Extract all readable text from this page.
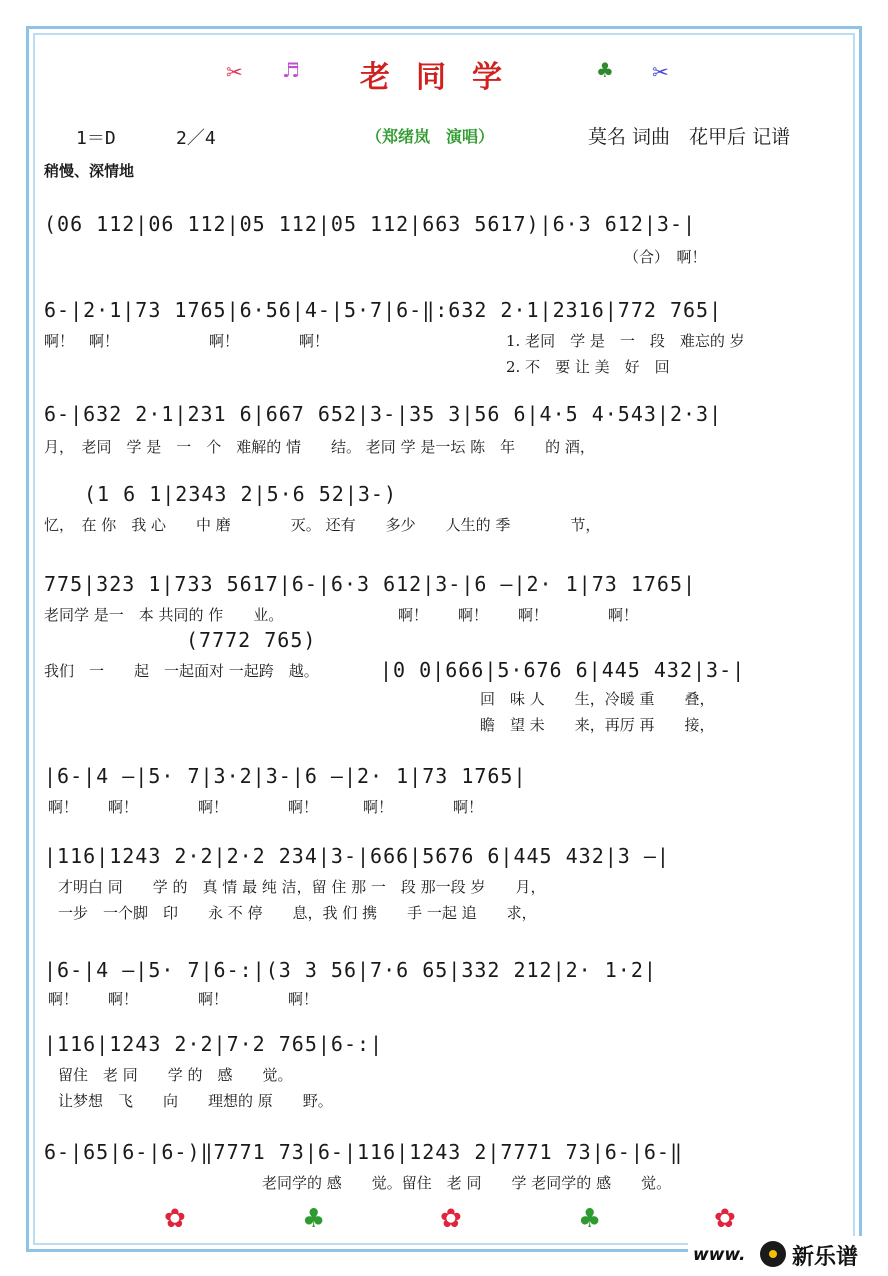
✂ ♬	老同学	♣ ✂
1＝D	2／4	（郑绪岚　演唱）	莫名 词曲　花甲后 记谱
稍慢、深情地
(06 112|06 112|05 112|05 112|663 5617)|6·3 612|3-|
（合）　啊！
6-|2·1|73 1765|6·56|4-|5·7|6-‖:632 2·1|2316|772 765|
啊！　啊！　　　　　　啊！　　　　啊！	1. 老同　学 是　一　段　难忘的 岁
2. 不　要 让 美　好　回
6-|632 2·1|231 6|667 652|3-|35 3|56 6|4·5 4·543|2·3|
月，　老同　学 是　一　个　难解的 情　　结。 老同 学 是一坛 陈　年　　的 酒，
(1 6 1|2343 2|5·6 52|3-)
忆，　在 你　我 心　　中 磨　　　　灭。 还有　　多少　　人生的 季　　　　节，
775|323 1|733 5617|6-|6·3 612|3-|6 —|2· 1|73 1765|
老同学 是一　本 共同的 作　　业。	啊！　　啊！　　啊！　　　　啊！
(7772 765)
|0 0|666|5·676 6|445 432|3-|
我们　一　　起　一起面对 一起跨　越。
回　味 人　　生，冷暖 重　　叠，
瞻　望 未　　来，再厉 再　　接，
|6-|4 —|5· 7|3·2|3-|6 —|2· 1|73 1765|
啊！　　啊！　　　　啊！　　　　啊！　　　啊！　　　　啊！
|116|1243 2·2|2·2 234|3-|666|5676 6|445 432|3 —|
才明白 同　　学 的　真 情 最 纯 洁，留 住 那 一　段 那一段 岁　　月，
一步　一个脚　印　　永 不 停　　息，我 们 携　　手 一起 追　　求，
|6-|4 —|5· 7|6-:|(3 3 56|7·6 65|332 212|2· 1·2|
啊！　　啊！　　　　啊！　　　　啊！
|116|1243 2·2|7·2 765|6-:|
留住　老 同　　学 的　感　　觉。
让梦想　飞　　向　　理想的 原　　野。
6-|65|6-|6-)‖7771 73|6-|116|1243 2|7771 73|6-|6-‖
老同学的 感　　觉。留住　老 同　　学 老同学的 感　　觉。
✿	♣	✿	♣	✿
www. 新乐谱
